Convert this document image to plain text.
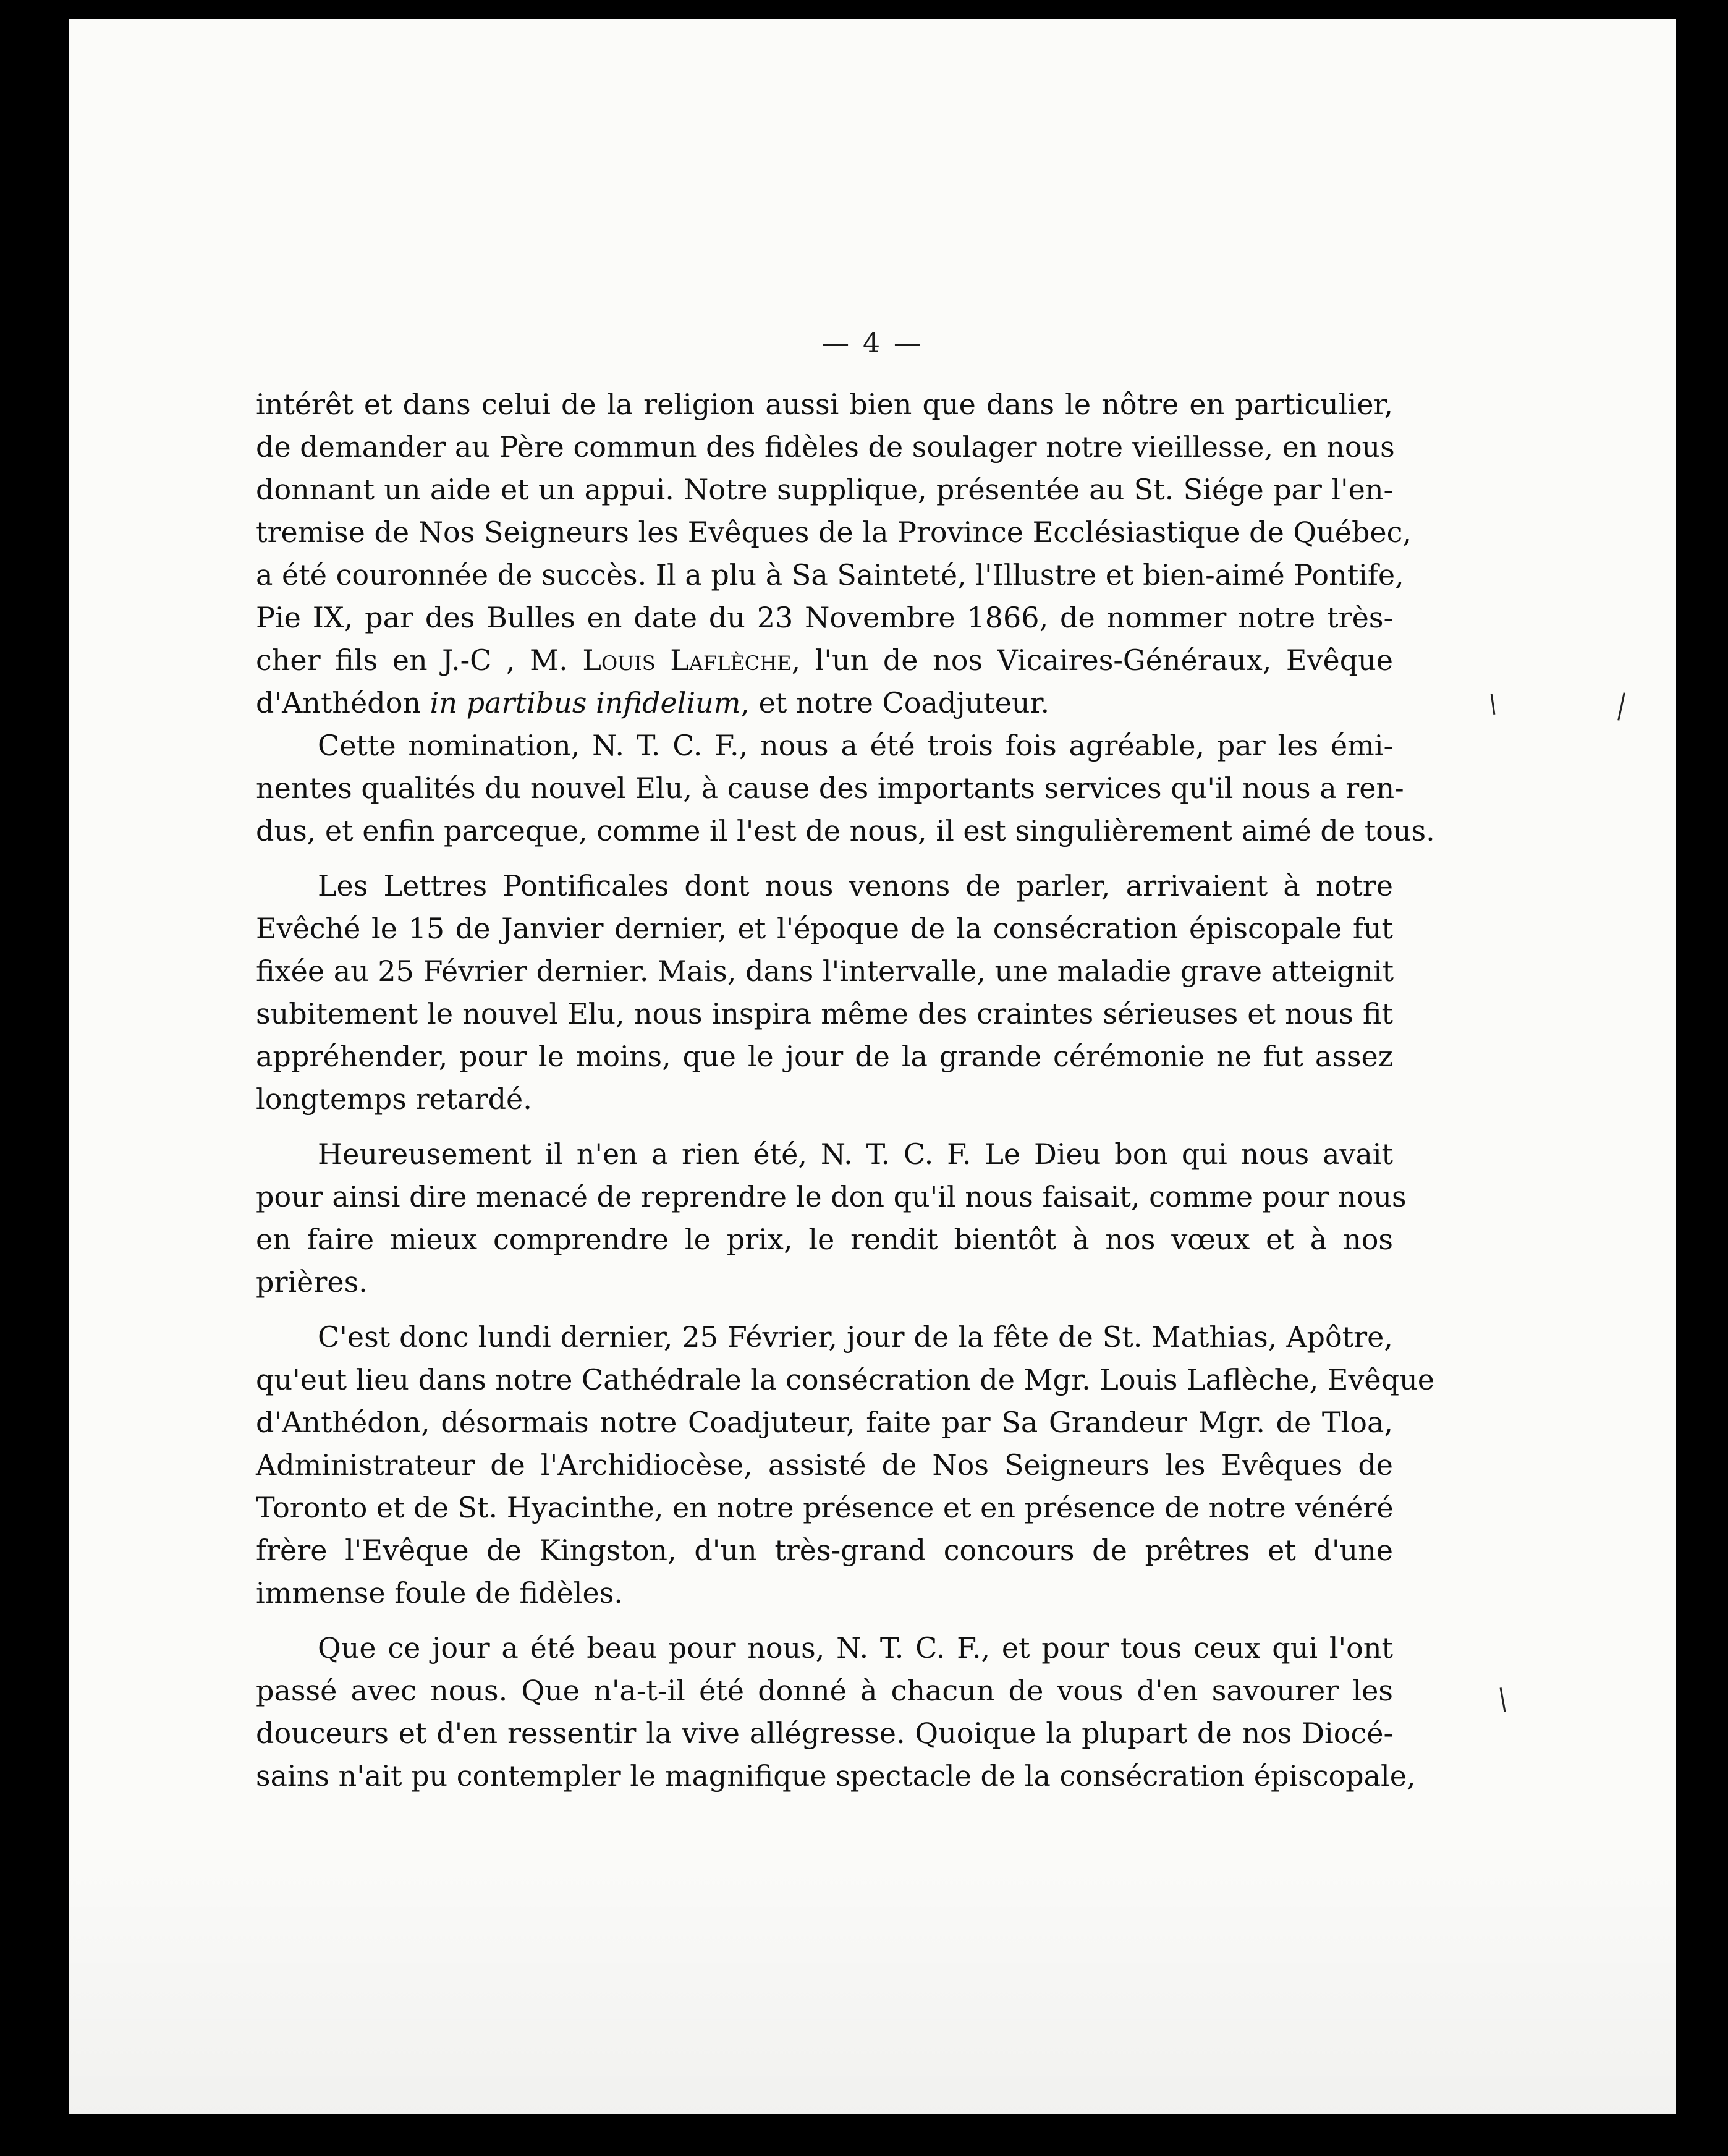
— 4 —
intérêt et dans celui de la religion aussi bien que dans le nôtre en particulier,
de demander au Père commun des fidèles de soulager notre vieillesse, en nous
donnant un aide et un appui. Notre supplique, présentée au St. Siége par l'en-
tremise de Nos Seigneurs les Evêques de la Province Ecclésiastique de Québec,
a été couronnée de succès. Il a plu à Sa Sainteté, l'Illustre et bien-aimé Pontife,
Pie IX, par des Bulles en date du 23 Novembre 1866, de nommer notre très-
cher fils en J.-C , M. Louis Laflèche, l'un de nos Vicaires-Généraux, Evêque
d'Anthédon in partibus infidelium, et notre Coadjuteur.
Cette nomination, N. T. C. F., nous a été trois fois agréable, par les émi-
nentes qualités du nouvel Elu, à cause des importants services qu'il nous a ren-
dus, et enfin parceque, comme il l'est de nous, il est singulièrement aimé de tous.
Les Lettres Pontificales dont nous venons de parler, arrivaient à notre
Evêché le 15 de Janvier dernier, et l'époque de la consécration épiscopale fut
fixée au 25 Février dernier. Mais, dans l'intervalle, une maladie grave atteignit
subitement le nouvel Elu, nous inspira même des craintes sérieuses et nous fit
appréhender, pour le moins, que le jour de la grande cérémonie ne fut assez
longtemps retardé.
Heureusement il n'en a rien été, N. T. C. F. Le Dieu bon qui nous avait
pour ainsi dire menacé de reprendre le don qu'il nous faisait, comme pour nous
en faire mieux comprendre le prix, le rendit bientôt à nos vœux et à nos
prières.
C'est donc lundi dernier, 25 Février, jour de la fête de St. Mathias, Apôtre,
qu'eut lieu dans notre Cathédrale la consécration de Mgr. Louis Laflèche, Evêque
d'Anthédon, désormais notre Coadjuteur, faite par Sa Grandeur Mgr. de Tloa,
Administrateur de l'Archidiocèse, assisté de Nos Seigneurs les Evêques de
Toronto et de St. Hyacinthe, en notre présence et en présence de notre vénéré
frère l'Evêque de Kingston, d'un très-grand concours de prêtres et d'une
immense foule de fidèles.
Que ce jour a été beau pour nous, N. T. C. F., et pour tous ceux qui l'ont
passé avec nous. Que n'a-t-il été donné à chacun de vous d'en savourer les
douceurs et d'en ressentir la vive allégresse. Quoique la plupart de nos Diocé-
sains n'ait pu contempler le magnifique spectacle de la consécration épiscopale,
